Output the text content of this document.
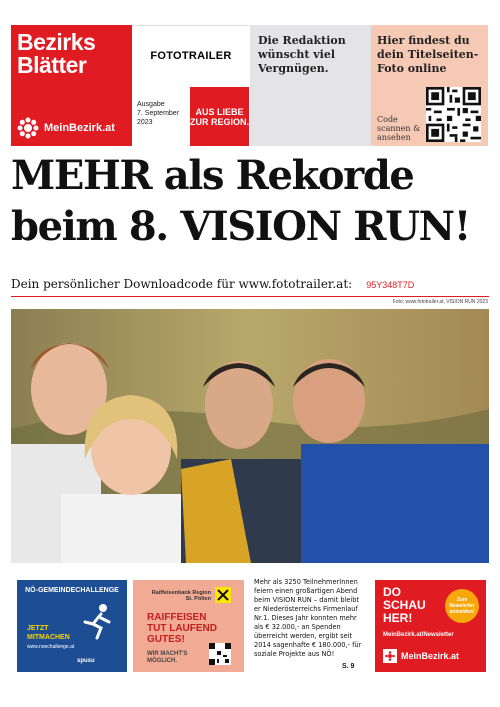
Bezirks
Blätter
MeinBezirk.at
FOTOTRAILER
Ausgabe
7. September
2023
AUS LIEBE ZUR REGION.

Die Redaktion wünscht viel Vergnügen.

Hier findest du dein Titelseiten-Foto online

Code scannen & ansehen

MEHR als Rekorde
beim 8. VISION RUN!
Dein persönlicher Downloadcode für www.fototrailer.at: 95Y348T7D
Foto: www.fototrailer.at, VISION RUN 2023
NÖ-GEMEINDECHALLENGE
JETZT MITMACHEN
www.noechallenge.at
spusu
Raiffeisenbank Region St. Pölten
RAIFFEISEN TUT LAUFEND GUTES!
WIR MACHT'S MÖGLICH.

Mehr als 3250 TeilnehmerInnen feiern einen großartigen Abend beim VISION RUN – damit bleibt er Niederösterreichs Firmenlauf Nr.1. Dieses Jahr konnten mehr als € 32.000,- an Spenden überreicht werden, ergibt seit 2014 sagenhafte € 180.000,- für soziale Projekte aus NÖ!

S. 9
DO SCHAU HER!
Zum Newsletter anmelden!
MeinBezirk.at/Newsletter
MeinBezirk.at
